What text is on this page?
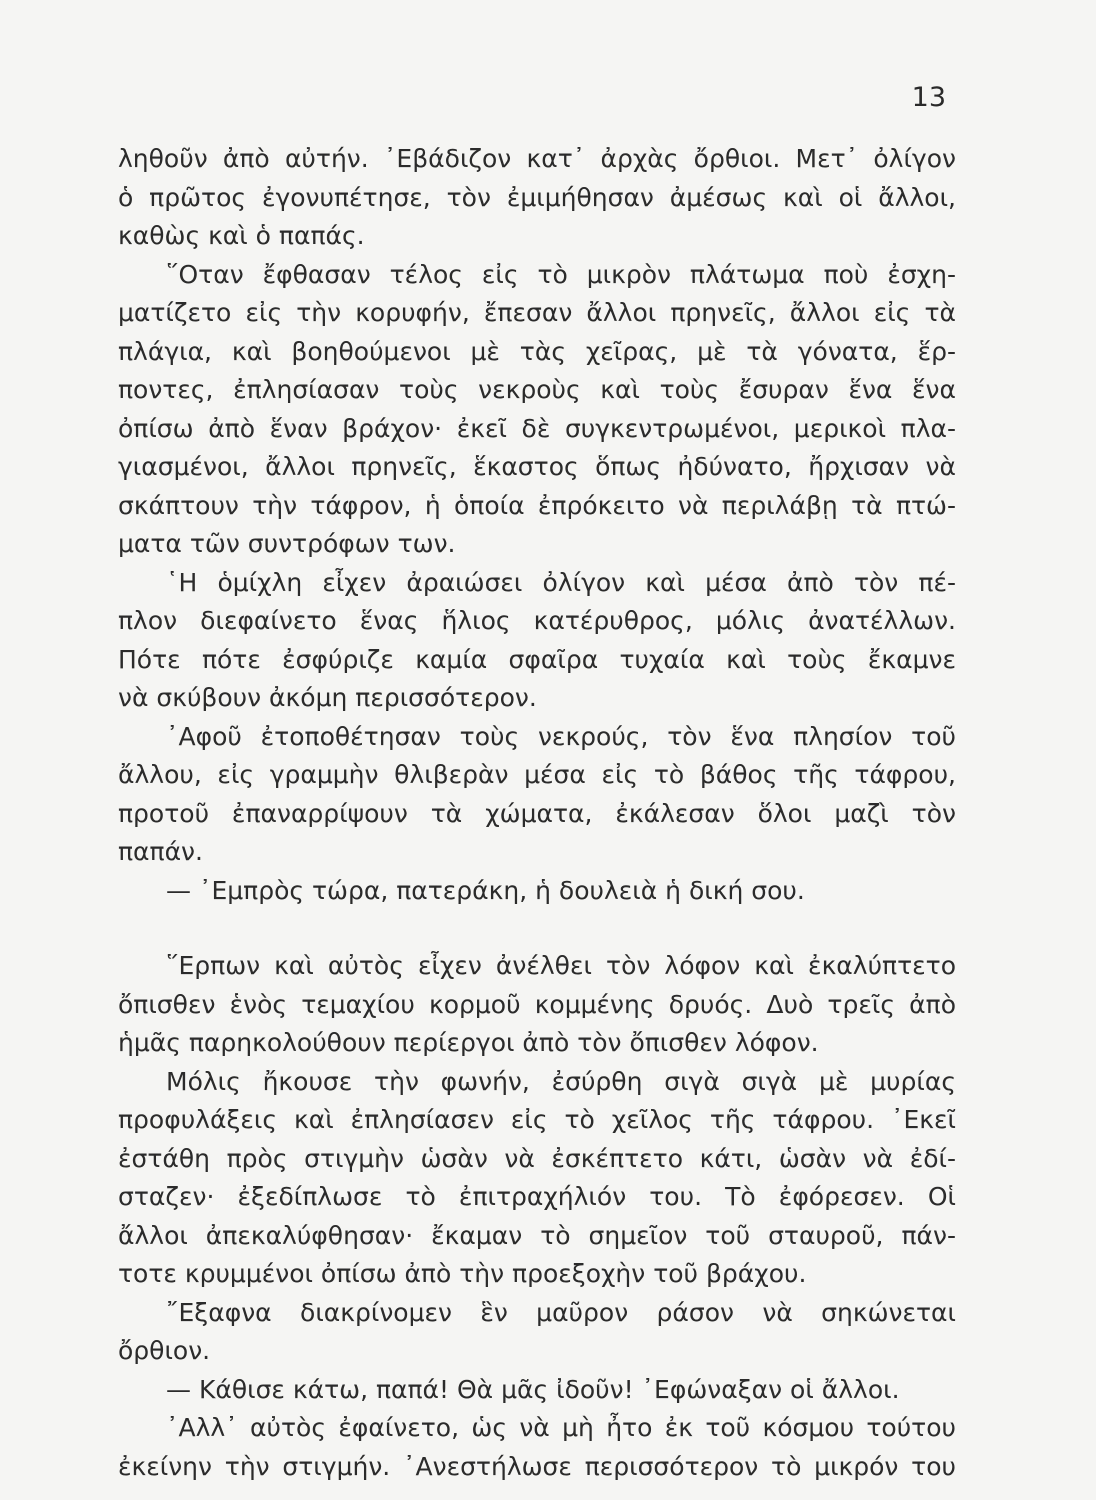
13
ληθοῦν ἀπὸ αὐτήν. ᾽Εβάδιζον κατ᾽ ἀρχὰς ὄρθιοι. Μετ᾽ ὀλίγον
ὁ πρῶτος ἐγονυπέτησε, τὸν ἐμιμήθησαν ἀμέσως καὶ οἱ ἄλλοι,
καθὼς καὶ ὁ παπάς.
῞Οταν ἔφθασαν τέλος εἰς τὸ μικρὸν πλάτωμα ποὺ ἐσχη-
ματίζετο εἰς τὴν κορυφήν, ἔπεσαν ἄλλοι πρηνεῖς, ἄλλοι εἰς τὰ
πλάγια, καὶ βοηθούμενοι μὲ τὰς χεῖρας, μὲ τὰ γόνατα, ἕρ-
ποντες, ἐπλησίασαν τοὺς νεκροὺς καὶ τοὺς ἔσυραν ἕνα ἕνα
ὀπίσω ἀπὸ ἕναν βράχον· ἐκεῖ δὲ συγκεντρωμένοι, μερικοὶ πλα-
γιασμένοι, ἄλλοι πρηνεῖς, ἕκαστος ὅπως ἠδύνατο, ἤρχισαν νὰ
σκάπτουν τὴν τάφρον, ἡ ὁποία ἐπρόκειτο νὰ περιλάβῃ τὰ πτώ-
ματα τῶν συντρόφων των.
῾Η ὁμίχλη εἶχεν ἀραιώσει ὀλίγον καὶ μέσα ἀπὸ τὸν πέ-
πλον διεφαίνετο ἕνας ἥλιος κατέρυθρος, μόλις ἀνατέλλων.
Πότε πότε ἐσφύριζε καμία σφαῖρα τυχαία καὶ τοὺς ἔκαμνε
νὰ σκύβουν ἀκόμη περισσότερον.
᾽Αφοῦ ἐτοποθέτησαν τοὺς νεκρούς, τὸν ἕνα πλησίον τοῦ
ἄλλου, εἰς γραμμὴν θλιβερὰν μέσα εἰς τὸ βάθος τῆς τάφρου,
προτοῦ ἐπαναρρίψουν τὰ χώματα, ἐκάλεσαν ὅλοι μαζὶ τὸν
παπάν.
— ᾽Εμπρὸς τώρα, πατεράκη, ἡ δουλειὰ ἡ δική σου.
῞Ερπων καὶ αὐτὸς εἶχεν ἀνέλθει τὸν λόφον καὶ ἐκαλύπτετο
ὄπισθεν ἑνὸς τεμαχίου κορμοῦ κομμένης δρυός. Δυὸ τρεῖς ἀπὸ
ἡμᾶς παρηκολούθουν περίεργοι ἀπὸ τὸν ὄπισθεν λόφον.
Μόλις ἤκουσε τὴν φωνήν, ἐσύρθη σιγὰ σιγὰ μὲ μυρίας
προφυλάξεις καὶ ἐπλησίασεν εἰς τὸ χεῖλος τῆς τάφρου. ᾽Εκεῖ
ἐστάθη πρὸς στιγμὴν ὡσὰν νὰ ἐσκέπτετο κάτι, ὡσὰν νὰ ἐδί-
σταζεν· ἐξεδίπλωσε τὸ ἐπιτραχήλιόν του. Τὸ ἐφόρεσεν. Οἱ
ἄλλοι ἀπεκαλύφθησαν· ἔκαμαν τὸ σημεῖον τοῦ σταυροῦ, πάν-
τοτε κρυμμένοι ὀπίσω ἀπὸ τὴν προεξοχὴν τοῦ βράχου.
῎Εξαφνα διακρίνομεν ἓν μαῦρον ράσον νὰ σηκώνεται
ὄρθιον.
— Κάθισε κάτω, παπά! Θὰ μᾶς ἰδοῦν! ᾽Εφώναξαν οἱ ἄλλοι.
᾽Αλλ᾽ αὐτὸς ἐφαίνετο, ὡς νὰ μὴ ἦτο ἐκ τοῦ κόσμου τούτου
ἐκείνην τὴν στιγμήν. ᾽Ανεστήλωσε περισσότερον τὸ μικρόν του
